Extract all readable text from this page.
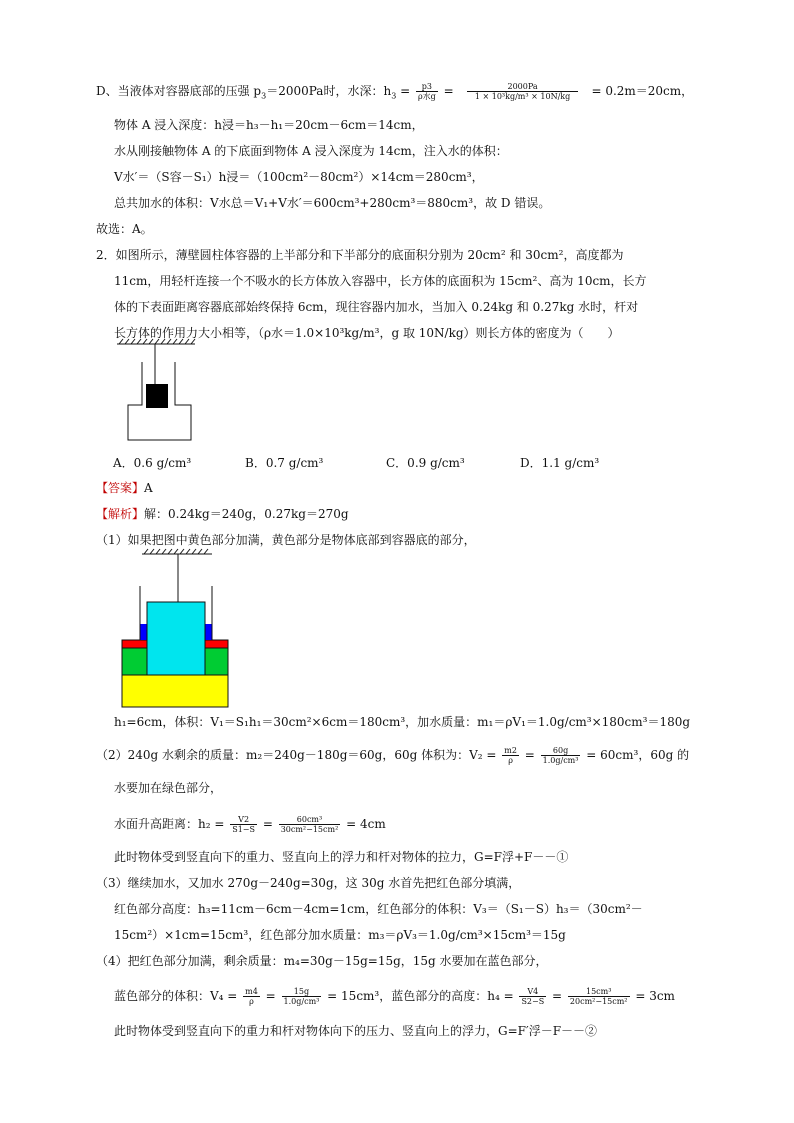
D、当液体对容器底部的压强 $p_3=2000Pa$时，水深：$h_3 = \frac{p3}{\text{ρ水g}} = \frac{2000Pa}{\text{1 × 10³kg/m³ × 10N/kg}} = 0.2m=20cm$，
物体 A 浸入深度：h浸＝h₃－h₁＝20cm－6cm＝14cm，
水从刚接触物体 A 的下底面到物体 A 浸入深度为 14cm，注入水的体积：
V水′＝（S容－S₁）h浸＝（100cm²－80cm²）×14cm＝280cm³，
总共加水的体积：V水总＝V₁+V水′＝600cm³+280cm³＝880cm³，故 D 错误。
故选：A。
2．如图所示，薄壁圆柱体容器的上半部分和下半部分的底面积分别为 20cm² 和 30cm²，高度都为
11cm，用轻杆连接一个不吸水的长方体放入容器中，长方体的底面积为 15cm²、高为 10cm，长方
体的下表面距离容器底部始终保持 6cm，现往容器内加水，当加入 0.24kg 和 0.27kg 水时，杆对
长方体的作用力大小相等，（ρ水＝1.0×10³kg/m³，g 取 10N/kg）则长方体的密度为（　　）
A．0.6 g/cm³	B．0.7 g/cm³	C．0.9 g/cm³	D．1.1 g/cm³
【答案】A
【解析】解：0.24kg＝240g，0.27kg＝270g
（1）如果把图中黄色部分加满，黄色部分是物体底部到容器底的部分，
h₁=6cm，体积：V₁＝S₁h₁＝30cm²×6cm＝180cm³，加水质量：m₁＝ρV₁＝1.0g/cm³×180cm³＝180g
（2）240g 水剩余的质量：m₂＝240g－180g＝60g，60g 体积为：$V_2 = \frac{m2}{\rho} = \frac{60g}{\text{1.0g/cm³}} = 60cm^3$，60g 的
水要加在绿色部分，
水面升高距离：$h_2 = \frac{V2}{S1-S} = \frac{\text{60cm³}}{\text{30cm²−15cm²}} = 4cm$
此时物体受到竖直向下的重力、竖直向上的浮力和杆对物体的拉力，G=F浮+F－－①
（3）继续加水，又加水 270g－240g=30g，这 30g 水首先把红色部分填满，
红色部分高度：h₃=11cm－6cm－4cm=1cm，红色部分的体积：V₃＝（S₁－S）h₃＝（30cm²－
15cm²）×1cm=15cm³，红色部分加水质量：m₃＝ρV₃＝1.0g/cm³×15cm³＝15g
（4）把红色部分加满，剩余质量：m₄=30g－15g=15g，15g 水要加在蓝色部分，
蓝色部分的体积：$V_4 = \frac{m4}{\rho} = \frac{15g}{\text{1.0g/cm³}} = 15cm^3$，蓝色部分的高度：$h_4 = \frac{V4}{S2-S} = \frac{\text{15cm³}}{\text{20cm²−15cm²}} = 3cm$
此时物体受到竖直向下的重力和杆对物体向下的压力、竖直向上的浮力，G=F′浮－F－－②
